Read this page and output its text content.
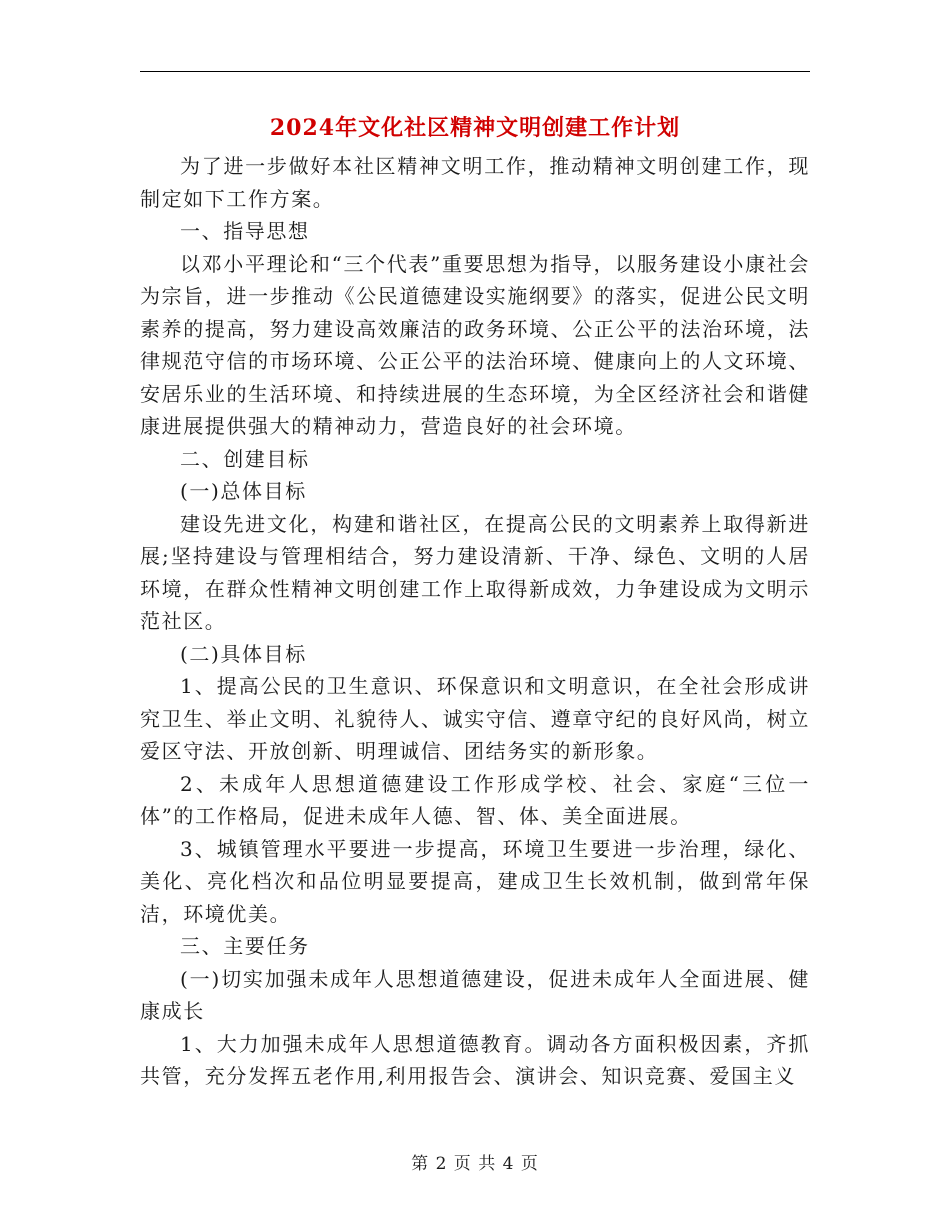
2024年文化社区精神文明创建工作计划

为了进一步做好本社区精神文明工作，推动精神文明创建工作，现制定如下工作方案。

一、指导思想

以邓小平理论和“三个代表”重要思想为指导，以服务建设小康社会为宗旨，进一步推动《公民道德建设实施纲要》的落实，促进公民文明素养的提高，努力建设高效廉洁的政务环境、公正公平的法治环境，法律规范守信的市场环境、公正公平的法治环境、健康向上的人文环境、安居乐业的生活环境、和持续进展的生态环境，为全区经济社会和谐健康进展提供强大的精神动力，营造良好的社会环境。

二、创建目标

(一)总体目标

建设先进文化，构建和谐社区，在提高公民的文明素养上取得新进展;坚持建设与管理相结合，努力建设清新、干净、绿色、文明的人居环境，在群众性精神文明创建工作上取得新成效，力争建设成为文明示范社区。

(二)具体目标

1、提高公民的卫生意识、环保意识和文明意识，在全社会形成讲究卫生、举止文明、礼貌待人、诚实守信、遵章守纪的良好风尚，树立爱区守法、开放创新、明理诚信、团结务实的新形象。

2、未成年人思想道德建设工作形成学校、社会、家庭“三位一体”的工作格局，促进未成年人德、智、体、美全面进展。

3、城镇管理水平要进一步提高，环境卫生要进一步治理，绿化、美化、亮化档次和品位明显要提高，建成卫生长效机制，做到常年保洁，环境优美。

三、主要任务

(一)切实加强未成年人思想道德建设，促进未成年人全面进展、健康成长

1、大力加强未成年人思想道德教育。调动各方面积极因素，齐抓共管，充分发挥五老作用,利用报告会、演讲会、知识竞赛、爱国主义

第 2 页 共 4 页
